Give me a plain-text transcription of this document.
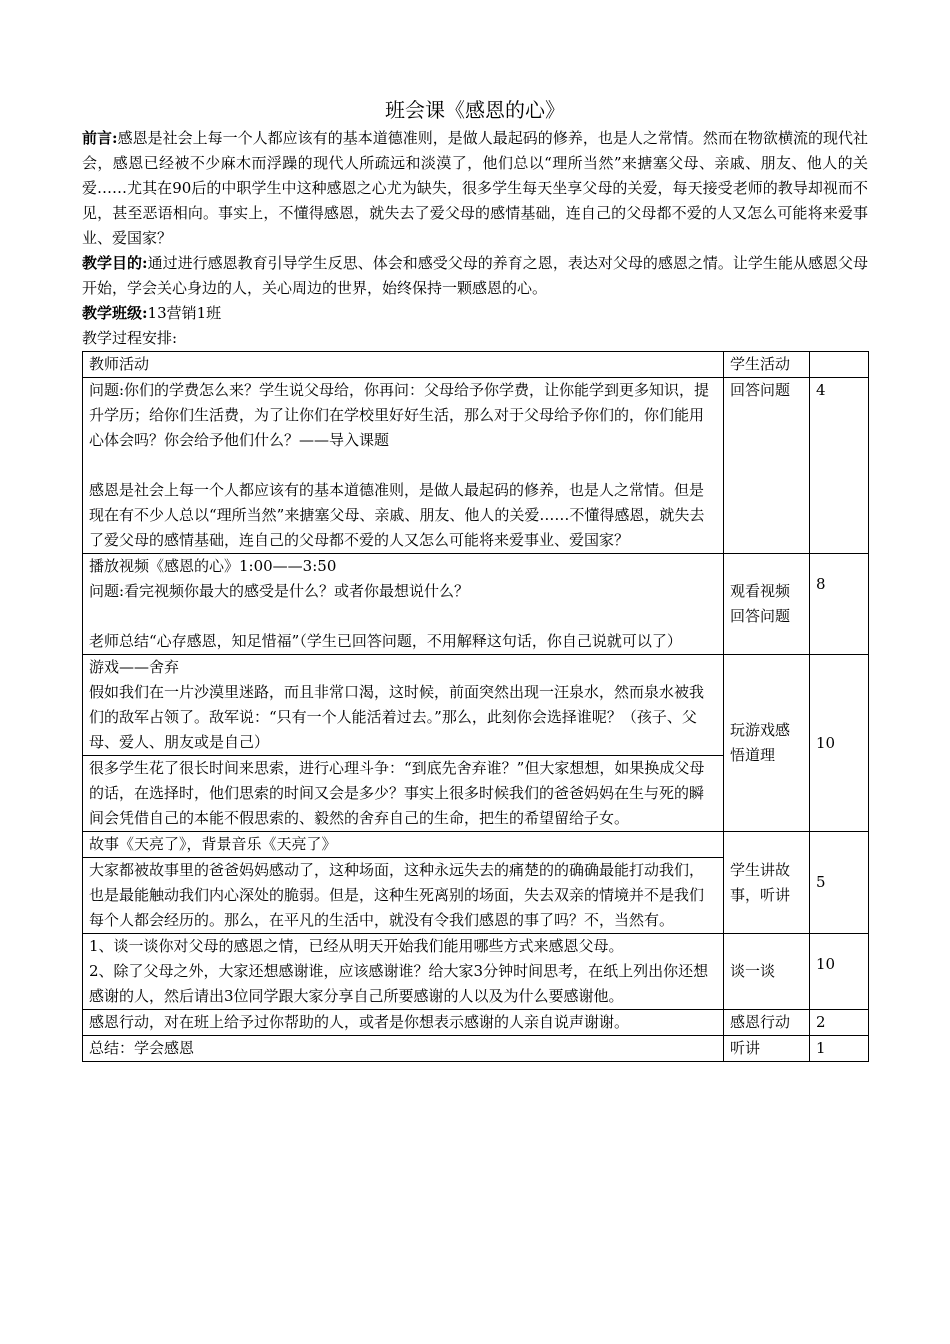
班会课《感恩的心》

前言:感恩是社会上每一个人都应该有的基本道德准则，是做人最起码的修养，也是人之常情。然而在物欲横流的现代社会，感恩已经被不少麻木而浮躁的现代人所疏远和淡漠了，他们总以“理所当然”来搪塞父母、亲戚、朋友、他人的关爱……尤其在90后的中职学生中这种感恩之心尤为缺失，很多学生每天坐享父母的关爱，每天接受老师的教导却视而不见，甚至恶语相向。事实上，不懂得感恩，就失去了爱父母的感情基础，连自己的父母都不爱的人又怎么可能将来爱事业、爱国家？

教学目的:通过进行感恩教育引导学生反思、体会和感受父母的养育之恩，表达对父母的感恩之情。让学生能从感恩父母开始，学会关心身边的人，关心周边的世界，始终保持一颗感恩的心。

教学班级:13营销1班

教学过程安排:

教师活动	学生活动	

问题:你们的学费怎么来？学生说父母给，你再问：父母给予你学费，让你能学到更多知识，提升学历；给你们生活费，为了让你们在学校里好好生活，那么对于父母给予你们的，你们能用心体会吗？你会给予他们什么？——导入课题
感恩是社会上每一个人都应该有的基本道德准则，是做人最起码的修养，也是人之常情。但是现在有不少人总以“理所当然”来搪塞父母、亲戚、朋友、他人的关爱……不懂得感恩，就失去了爱父母的感情基础，连自己的父母都不爱的人又怎么可能将来爱事业、爱国家？	回答问题	4

播放视频《感恩的心》1:00——3:50
问题:看完视频你最大的感受是什么？或者你最想说什么？
老师总结“心存感恩，知足惜福”（学生已回答问题，不用解释这句话，你自己说就可以了）	观看视频回答问题	8

游戏——舍弃
假如我们在一片沙漠里迷路，而且非常口渴，这时候，前面突然出现一汪泉水，然而泉水被我们的敌军占领了。敌军说：“只有一个人能活着过去。”那么，此刻你会选择谁呢？（孩子、父母、爱人、朋友或是自己）
很多学生花了很长时间来思索，进行心理斗争：“到底先舍弃谁？”但大家想想，如果换成父母的话，在选择时，他们思索的时间又会是多少？事实上很多时候我们的爸爸妈妈在生与死的瞬间会凭借自己的本能不假思索的、毅然的舍弃自己的生命，把生的希望留给子女。	玩游戏感悟道理	10

故事《天亮了》，背景音乐《天亮了》
大家都被故事里的爸爸妈妈感动了，这种场面，这种永远失去的痛楚的的确确最能打动我们，也是最能触动我们内心深处的脆弱。但是，这种生死离别的场面，失去双亲的情境并不是我们每个人都会经历的。那么，在平凡的生活中，就没有令我们感恩的事了吗？不，当然有。	学生讲故事，听讲	5

1、谈一谈你对父母的感恩之情，已经从明天开始我们能用哪些方式来感恩父母。
2、除了父母之外，大家还想感谢谁，应该感谢谁？给大家3分钟时间思考，在纸上列出你还想感谢的人，然后请出3位同学跟大家分享自己所要感谢的人以及为什么要感谢他。	谈一谈	10

感恩行动，对在班上给予过你帮助的人，或者是你想表示感谢的人亲自说声谢谢。	感恩行动	2

总结：学会感恩	听讲	1
